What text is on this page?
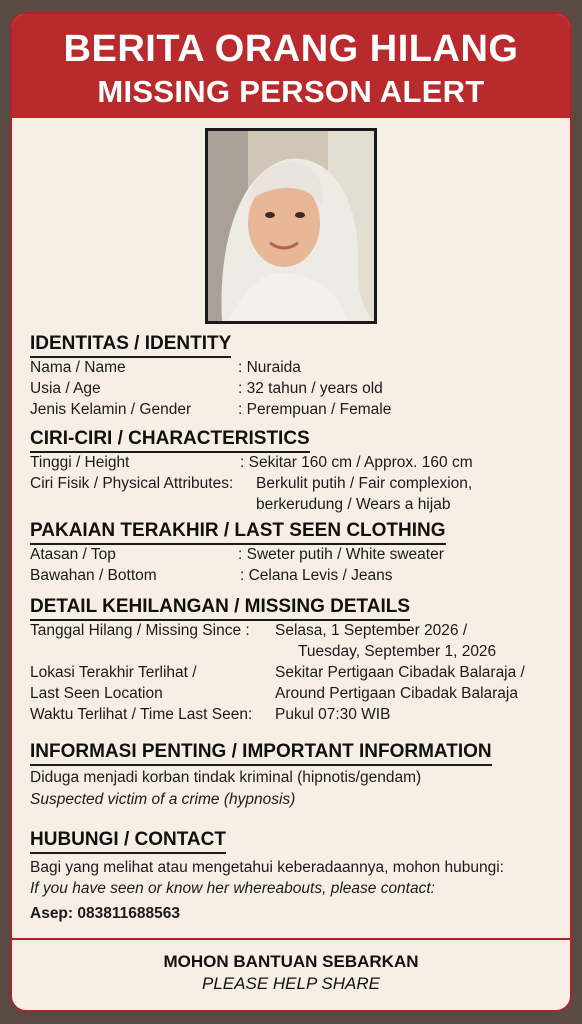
BERITA ORANG HILANG
MISSING PERSON ALERT
IDENTITAS / IDENTITY
Nama / Name	: Nuraida
Usia / Age	: 32 tahun / years old
Jenis Kelamin / Gender	: Perempuan / Female
CIRI-CIRI / CHARACTERISTICS
Tinggi / Height	: Sekitar 160 cm / Approx. 160 cm
Ciri Fisik / Physical Attributes: Berkulit putih / Fair complexion,
berkerudung / Wears a hijab
PAKAIAN TERAKHIR / LAST SEEN CLOTHING
Atasan / Top	: Sweter putih / White sweater
Bawahan / Bottom	: Celana Levis / Jeans
DETAIL KEHILANGAN / MISSING DETAILS
Tanggal Hilang / Missing Since : Selasa, 1 September 2026 /
Tuesday, September 1, 2026
Lokasi Terakhir Terlihat /	Sekitar Pertigaan Cibadak Balaraja /
Last Seen Location	Around Pertigaan Cibadak Balaraja
Waktu Terlihat / Time Last Seen: Pukul 07:30 WIB
INFORMASI PENTING / IMPORTANT INFORMATION
Diduga menjadi korban tindak kriminal (hipnotis/gendam)
Suspected victim of a crime (hypnosis)
HUBUNGI / CONTACT
Bagi yang melihat atau mengetahui keberadaannya, mohon hubungi:
If you have seen or know her whereabouts, please contact:
Asep: 083811688563
MOHON BANTUAN SEBARKAN
PLEASE HELP SHARE
